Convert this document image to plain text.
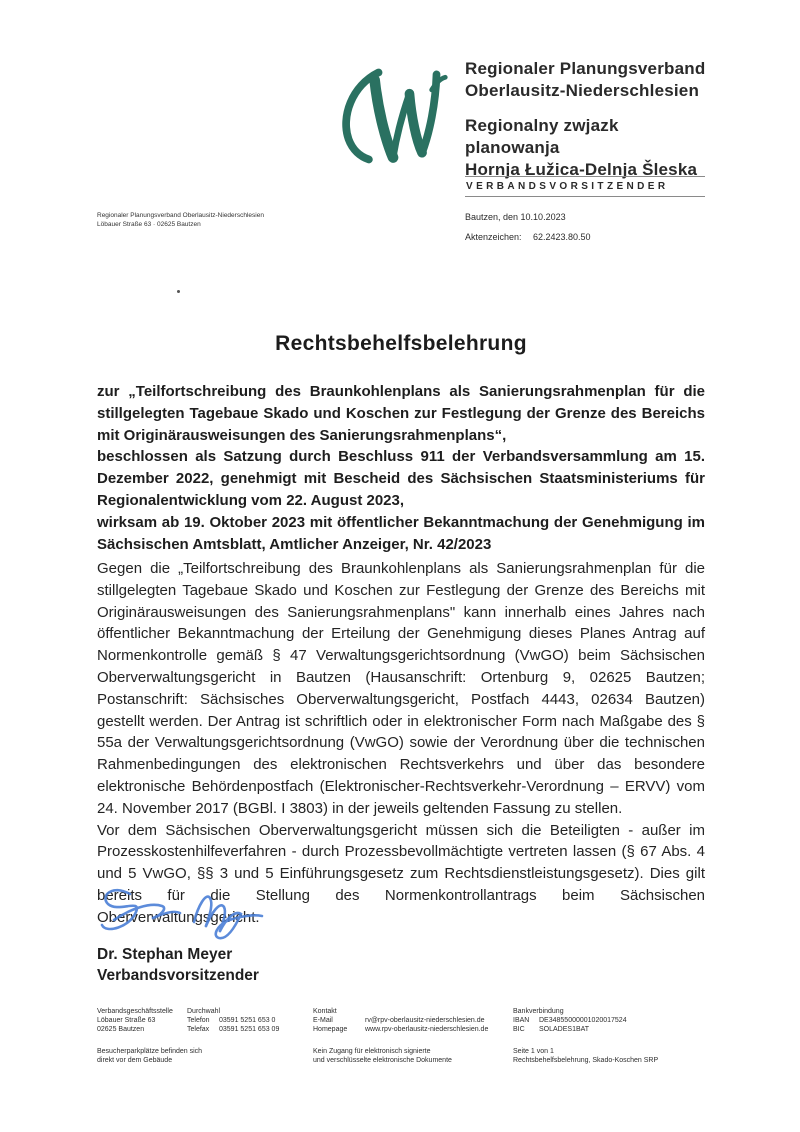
Regionaler Planungsverband
Oberlausitz-Niederschlesien
Regionalny zwjazk planowanja
Hornja Łužica-Delnja Šleska
VERBANDSVORSITZENDER
Regionaler Planungsverband Oberlausitz-Niederschlesien
Löbauer Straße 63 · 02625 Bautzen
Bautzen, den 10.10.2023
Aktenzeichen:	62.2423.80.50
Rechtsbehelfsbelehrung

zur „Teilfortschreibung des Braunkohlenplans als Sanierungsrahmenplan für die stillgelegten Tagebaue Skado und Koschen zur Festlegung der Grenze des Bereichs mit Originärausweisungen des Sanierungsrahmenplans“,

beschlossen als Satzung durch Beschluss 911 der Verbandsversammlung am 15. Dezember 2022, genehmigt mit Bescheid des Sächsischen Staatsministeriums für Regionalentwicklung vom 22. August 2023,

wirksam ab 19. Oktober 2023 mit öffentlicher Bekanntmachung der Genehmigung im Sächsischen Amtsblatt, Amtlicher Anzeiger, Nr. 42/2023

Gegen die „Teilfortschreibung des Braunkohlenplans als Sanierungsrahmenplan für die stillgelegten Tagebaue Skado und Koschen zur Festlegung der Grenze des Bereichs mit Originärausweisungen des Sanierungsrahmenplans" kann innerhalb eines Jahres nach öffentlicher Bekanntmachung der Erteilung der Genehmigung dieses Planes Antrag auf Normenkontrolle gemäß § 47 Verwaltungsgerichtsordnung (VwGO) beim Sächsischen Oberverwaltungsgericht in Bautzen (Hausanschrift: Ortenburg 9, 02625 Bautzen; Postanschrift: Sächsisches Oberverwaltungsgericht, Postfach 4443, 02634 Bautzen) gestellt werden. Der Antrag ist schriftlich oder in elektronischer Form nach Maßgabe des § 55a der Verwaltungsgerichtsordnung (VwGO) sowie der Verordnung über die technischen Rahmenbedingungen des elektronischen Rechtsverkehrs und über das besondere elektronische Behördenpostfach (Elektronischer-Rechtsverkehr-Verordnung – ERVV) vom 24. November 2017 (BGBl. I 3803) in der jeweils geltenden Fassung zu stellen.

Vor dem Sächsischen Oberverwaltungsgericht müssen sich die Beteiligten - außer im Prozesskostenhilfeverfahren - durch Prozessbevollmächtigte vertreten lassen (§ 67 Abs. 4 und 5 VwGO, §§ 3 und 5 Einführungsgesetz zum Rechtsdienstleistungsgesetz). Dies gilt bereits für die Stellung des Normenkontrollantrags beim Sächsischen Oberverwaltungsgericht.

Dr. Stephan Meyer
Verbandsvorsitzender
Verbandsgeschäftsstelle
Löbauer Straße 63
02625 Bautzen
Besucherparkplätze befinden sich
direkt vor dem Gebäude
Durchwahl
Telefon	03591 5251 653 0
Telefax	03591 5251 653 09
Kontakt
E-Mail	rv@rpv-oberlausitz-niederschlesien.de
Homepage	www.rpv-oberlausitz-niederschlesien.de
Kein Zugang für elektronisch signierte
und verschlüsselte elektronische Dokumente
Bankverbindung
IBAN	DE34855000001020017524
BIC	SOLADES1BAT
Seite 1 von 1
Rechtsbehelfsbelehrung, Skado-Koschen SRP
